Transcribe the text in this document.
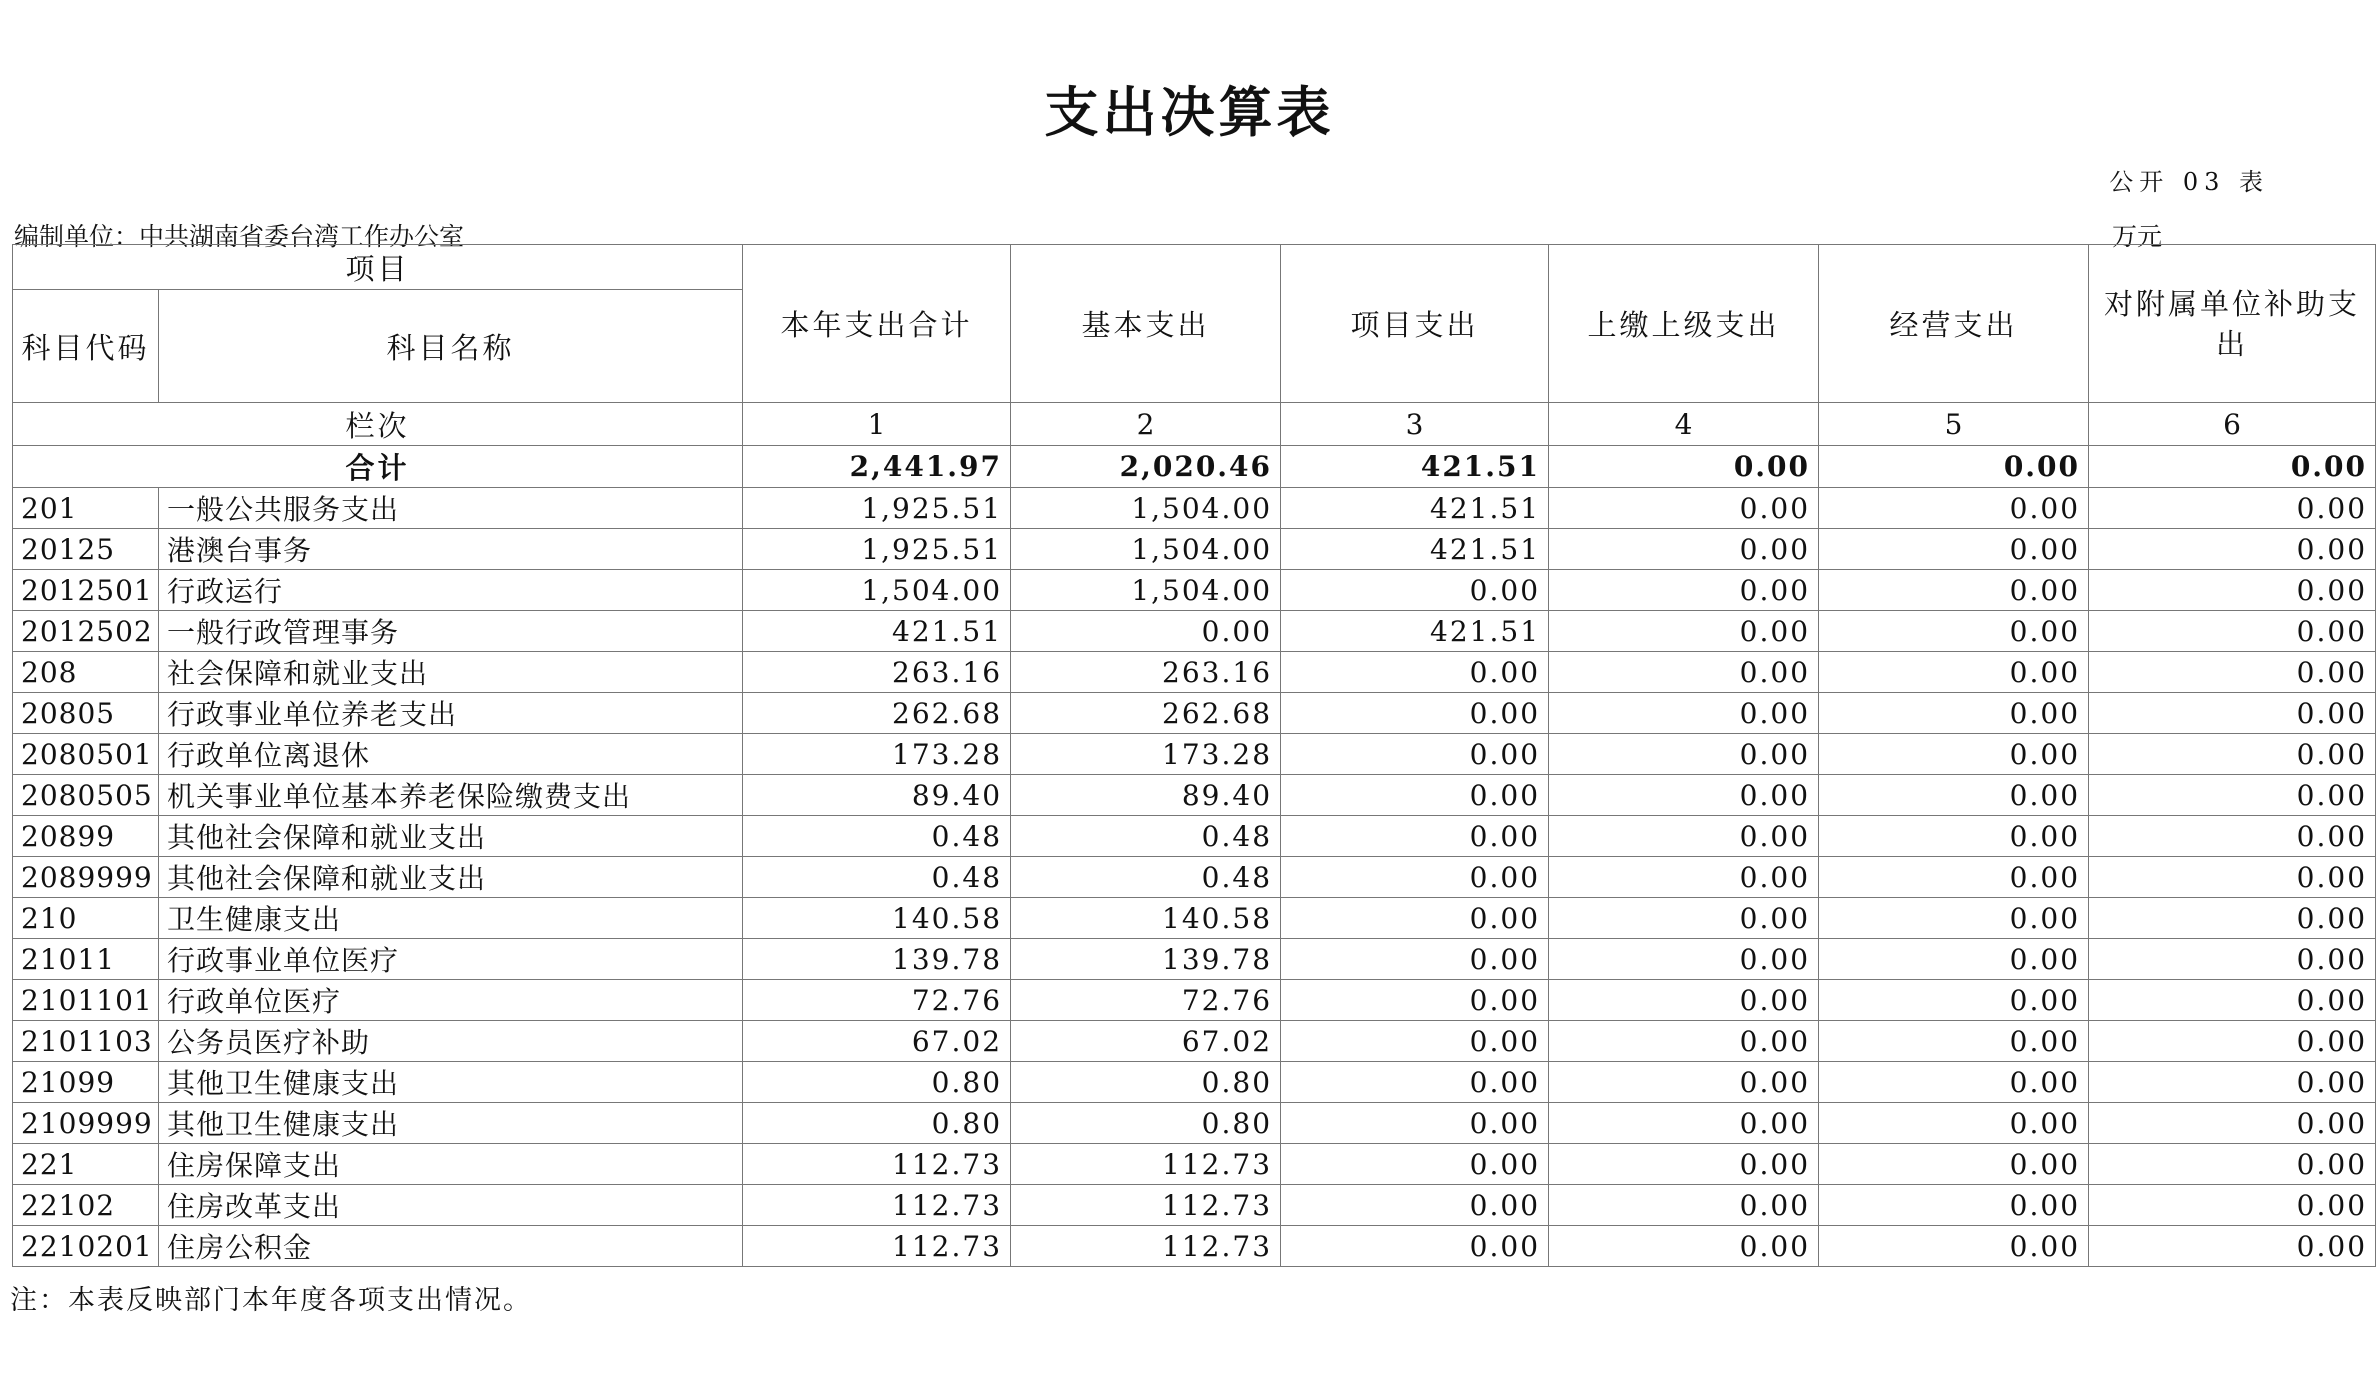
支出决算表
公开 03 表
编制单位：中共湖南省委台湾工作办公室	万元
项目		本年支出合计	基本支出	项目支出	上缴上级支出	经营支出	对附属单位补助支出
科目代码	科目名称						
栏次		1	2	3	4	5	6
合计		2,441.97	2,020.46	421.51	0.00	0.00	0.00
201	一般公共服务支出	1,925.51	1,504.00	421.51	0.00	0.00	0.00
20125	港澳台事务	1,925.51	1,504.00	421.51	0.00	0.00	0.00
2012501	行政运行	1,504.00	1,504.00	0.00	0.00	0.00	0.00
2012502	一般行政管理事务	421.51	0.00	421.51	0.00	0.00	0.00
208	社会保障和就业支出	263.16	263.16	0.00	0.00	0.00	0.00
20805	行政事业单位养老支出	262.68	262.68	0.00	0.00	0.00	0.00
2080501	行政单位离退休	173.28	173.28	0.00	0.00	0.00	0.00
2080505	机关事业单位基本养老保险缴费支出	89.40	89.40	0.00	0.00	0.00	0.00
20899	其他社会保障和就业支出	0.48	0.48	0.00	0.00	0.00	0.00
2089999	其他社会保障和就业支出	0.48	0.48	0.00	0.00	0.00	0.00
210	卫生健康支出	140.58	140.58	0.00	0.00	0.00	0.00
21011	行政事业单位医疗	139.78	139.78	0.00	0.00	0.00	0.00
2101101	行政单位医疗	72.76	72.76	0.00	0.00	0.00	0.00
2101103	公务员医疗补助	67.02	67.02	0.00	0.00	0.00	0.00
21099	其他卫生健康支出	0.80	0.80	0.00	0.00	0.00	0.00
2109999	其他卫生健康支出	0.80	0.80	0.00	0.00	0.00	0.00
221	住房保障支出	112.73	112.73	0.00	0.00	0.00	0.00
22102	住房改革支出	112.73	112.73	0.00	0.00	0.00	0.00
2210201	住房公积金	112.73	112.73	0.00	0.00	0.00	0.00
注：本表反映部门本年度各项支出情况。
